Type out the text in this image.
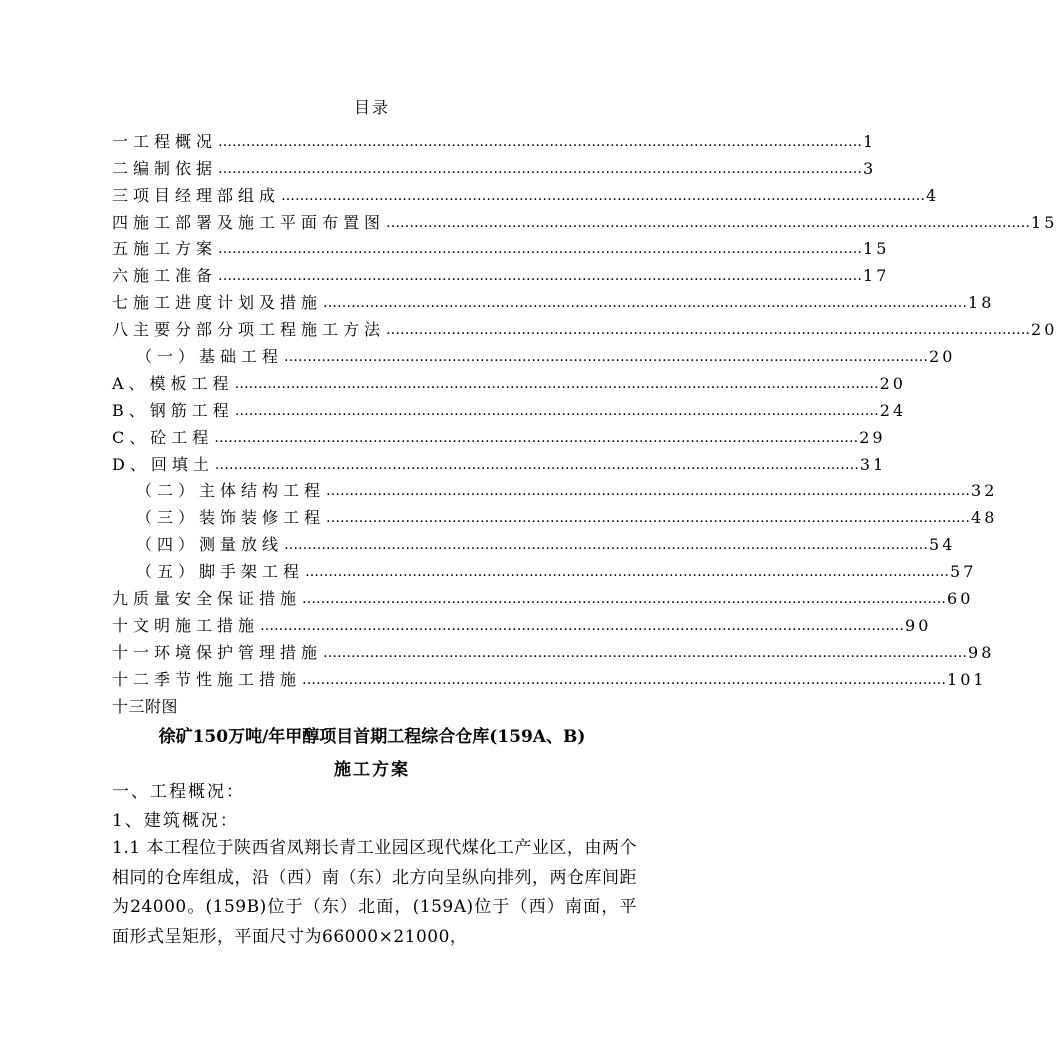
目录
一工程概况 ………………………………………………………………………………………………………………………… 1
二编制依据 ………………………………………………………………………………………………………………………… 3
三项目经理部组成 ………………………………………………………………………………………………………………………… 4
四施工部署及施工平面布置图 ………………………………………………………………………………………………………………………… 15
五施工方案 ………………………………………………………………………………………………………………………… 15
六施工准备 ………………………………………………………………………………………………………………………… 17
七施工进度计划及措施 ………………………………………………………………………………………………………………………… 18
八主要分部分项工程施工方法 ………………………………………………………………………………………………………………………… 20
（一）基础工程 ………………………………………………………………………………………………………………………… 20
A、模板工程 ………………………………………………………………………………………………………………………… 20
B、钢筋工程 ………………………………………………………………………………………………………………………… 24
C、砼工程 ………………………………………………………………………………………………………………………… 29
D、回填土 ………………………………………………………………………………………………………………………… 31
（二）主体结构工程 ………………………………………………………………………………………………………………………… 32
（三）装饰装修工程 ………………………………………………………………………………………………………………………… 48
（四）测量放线 ………………………………………………………………………………………………………………………… 54
（五）脚手架工程 ………………………………………………………………………………………………………………………… 57
九质量安全保证措施 ………………………………………………………………………………………………………………………… 60
十文明施工措施 ………………………………………………………………………………………………………………………… 90
十一环境保护管理措施 ………………………………………………………………………………………………………………………… 98
十二季节性施工措施 ………………………………………………………………………………………………………………………… 101
十三附图
徐矿150万吨/年甲醇项目首期工程综合仓库(159A、B)
施工方案
一、工程概况：
1、建筑概况：
1.1 本工程位于陕西省凤翔长青工业园区现代煤化工产业区，由两个相同的仓库组成，沿（西）南（东）北方向呈纵向排列，两仓库间距为24000。(159B)位于（东）北面，(159A)位于（西）南面，平面形式呈矩形，平面尺寸为66000×21000，
